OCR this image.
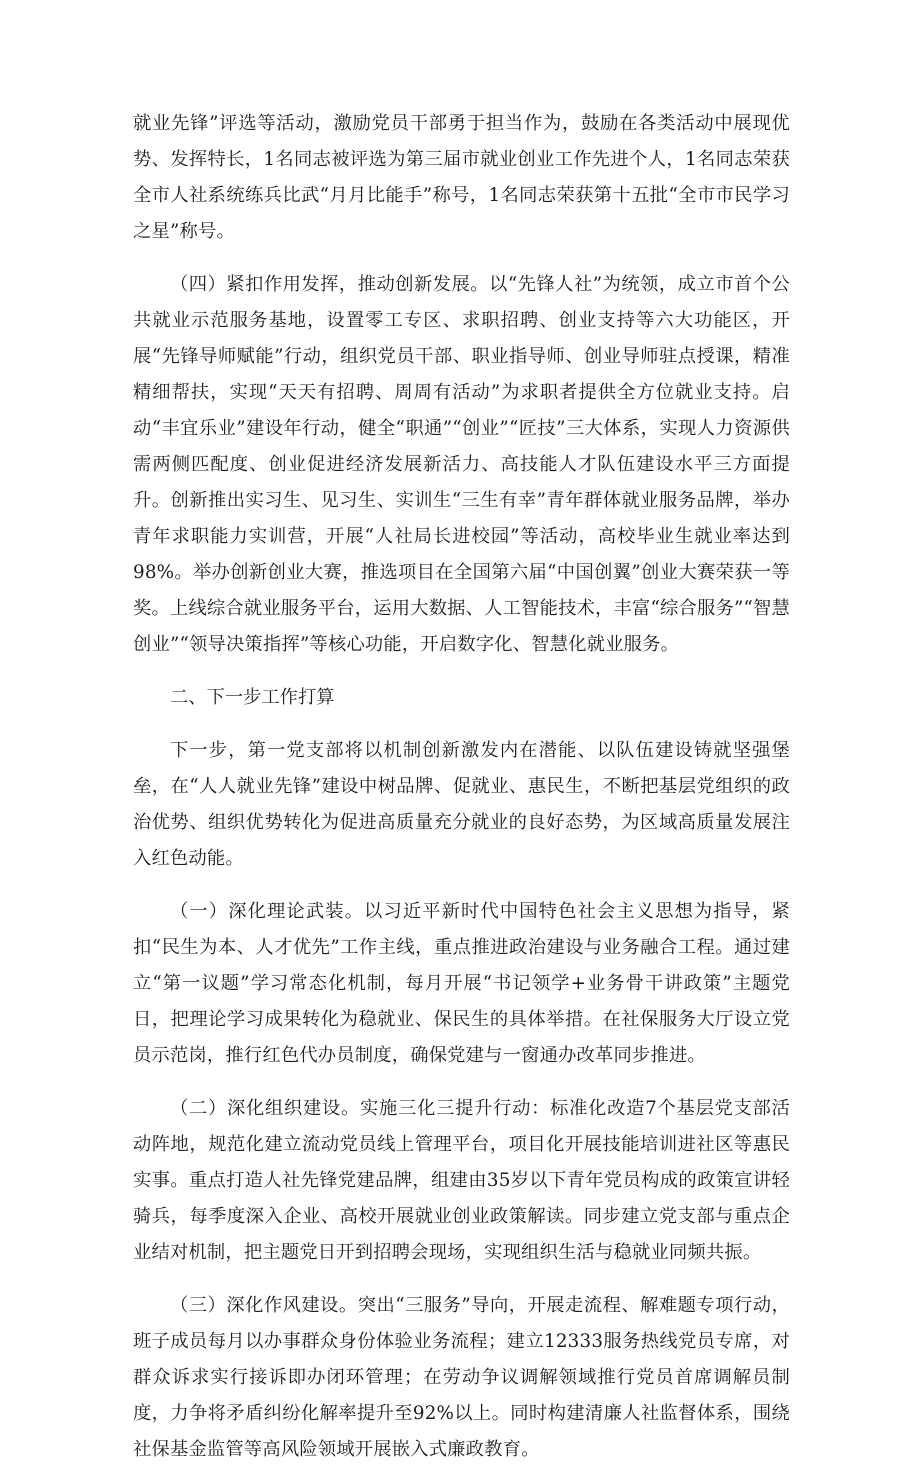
就业先锋”评选等活动，激励党员干部勇于担当作为，鼓励在各类活动中展现优势、发挥特长，1名同志被评选为第三届市就业创业工作先进个人，1名同志荣获全市人社系统练兵比武“月月比能手”称号，1名同志荣获第十五批“全市市民学习之星”称号。

（四）紧扣作用发挥，推动创新发展。以“先锋人社”为统领，成立市首个公共就业示范服务基地，设置零工专区、求职招聘、创业支持等六大功能区，开展“先锋导师赋能”行动，组织党员干部、职业指导师、创业导师驻点授课，精准精细帮扶，实现“天天有招聘、周周有活动”为求职者提供全方位就业支持。启动“丰宜乐业”建设年行动，健全“职通”“创业”“匠技”三大体系，实现人力资源供需两侧匹配度、创业促进经济发展新活力、高技能人才队伍建设水平三方面提升。创新推出实习生、见习生、实训生“三生有幸”青年群体就业服务品牌，举办青年求职能力实训营，开展“人社局长进校园”等活动，高校毕业生就业率达到98%。举办创新创业大赛，推选项目在全国第六届“中国创翼”创业大赛荣获一等奖。上线综合就业服务平台，运用大数据、人工智能技术，丰富“综合服务”“智慧创业”“领导决策指挥”等核心功能，开启数字化、智慧化就业服务。

二、下一步工作打算

下一步，第一党支部将以机制创新激发内在潜能、以队伍建设铸就坚强堡垒，在“人人就业先锋”建设中树品牌、促就业、惠民生，不断把基层党组织的政治优势、组织优势转化为促进高质量充分就业的良好态势，为区域高质量发展注入红色动能。

（一）深化理论武装。以习近平新时代中国特色社会主义思想为指导，紧扣“民生为本、人才优先”工作主线，重点推进政治建设与业务融合工程。通过建立“第一议题”学习常态化机制，每月开展“书记领学+业务骨干讲政策”主题党日，把理论学习成果转化为稳就业、保民生的具体举措。在社保服务大厅设立党员示范岗，推行红色代办员制度，确保党建与一窗通办改革同步推进。

（二）深化组织建设。实施三化三提升行动：标准化改造7个基层党支部活动阵地，规范化建立流动党员线上管理平台，项目化开展技能培训进社区等惠民实事。重点打造人社先锋党建品牌，组建由35岁以下青年党员构成的政策宣讲轻骑兵，每季度深入企业、高校开展就业创业政策解读。同步建立党支部与重点企业结对机制，把主题党日开到招聘会现场，实现组织生活与稳就业同频共振。

（三）深化作风建设。突出“三服务”导向，开展走流程、解难题专项行动，班子成员每月以办事群众身份体验业务流程；建立12333服务热线党员专席，对群众诉求实行接诉即办闭环管理；在劳动争议调解领域推行党员首席调解员制度，力争将矛盾纠纷化解率提升至92%以上。同时构建清廉人社监督体系，围绕社保基金监管等高风险领域开展嵌入式廉政教育。
